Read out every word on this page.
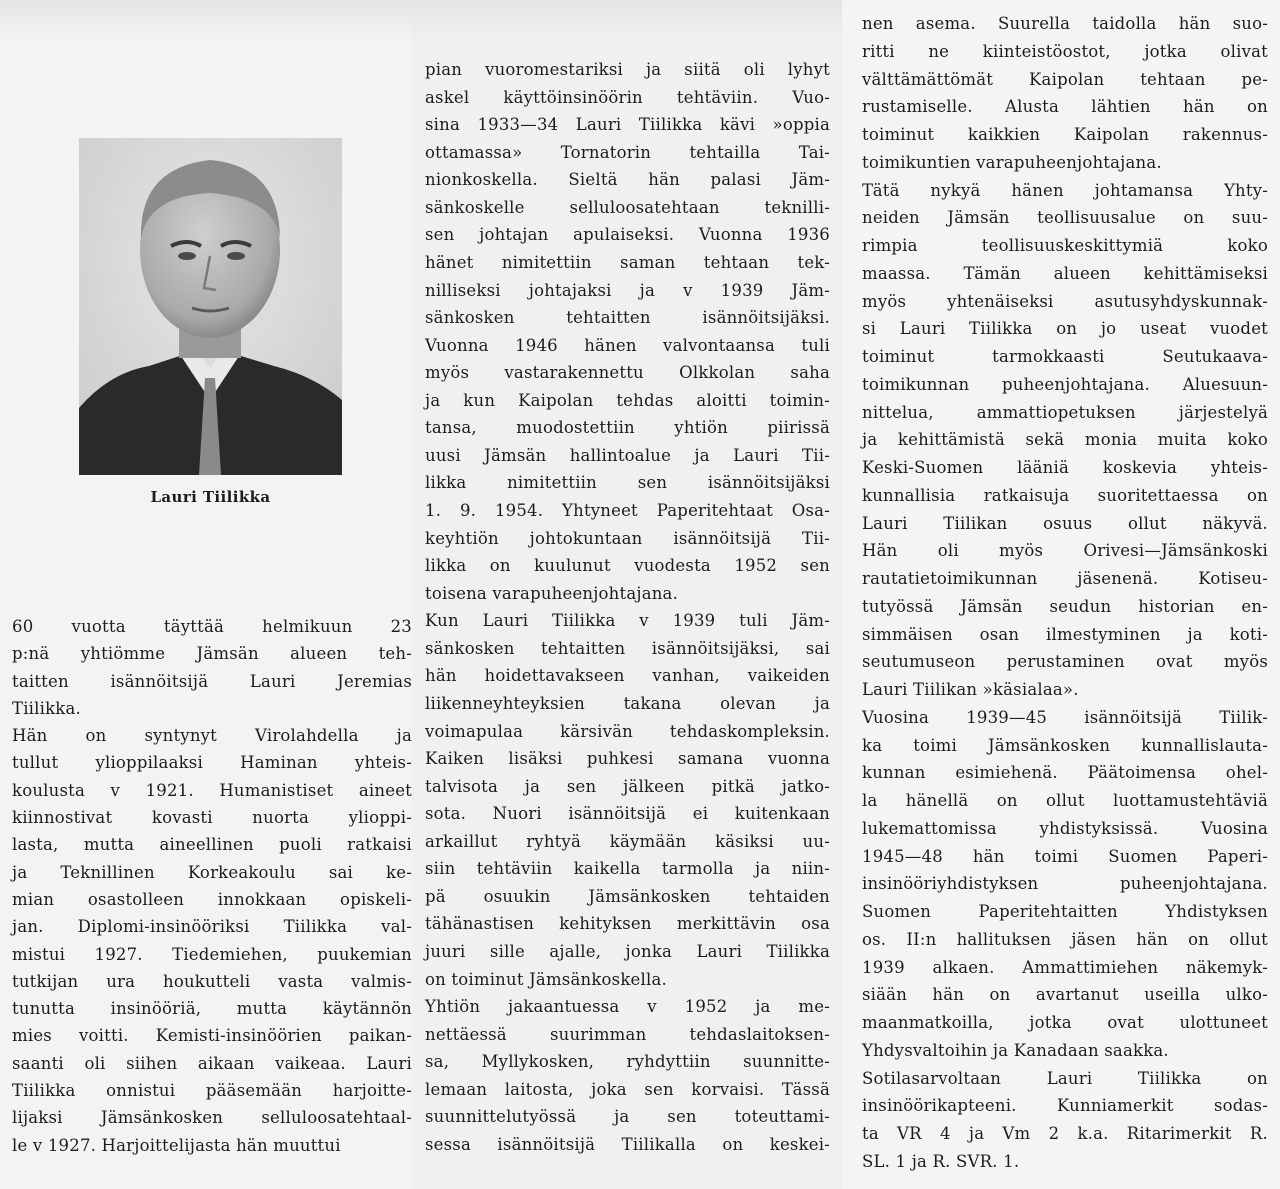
Lauri Tiilikka

60 vuotta täyttää helmikuun 23

p:nä yhtiömme Jämsän alueen teh-

taitten isännöitsijä Lauri Jeremias

Tiilikka.

Hän on syntynyt Virolahdella ja

tullut ylioppilaaksi Haminan yhteis-

koulusta v 1921. Humanistiset aineet

kiinnostivat kovasti nuorta ylioppi-

lasta, mutta aineellinen puoli ratkaisi

ja Teknillinen Korkeakoulu sai ke-

mian osastolleen innokkaan opiskeli-

jan. Diplomi-insinööriksi Tiilikka val-

mistui 1927. Tiedemiehen, puukemian

tutkijan ura houkutteli vasta valmis-

tunutta insinööriä, mutta käytännön

mies voitti. Kemisti-insinöörien paikan-

saanti oli siihen aikaan vaikeaa. Lauri

Tiilikka onnistui pääsemään harjoitte-

lijaksi Jämsänkosken selluloosatehtaal-

le v 1927. Harjoittelijasta hän muuttui

pian vuoromestariksi ja siitä oli lyhyt

askel käyttöinsinöörin tehtäviin. Vuo-

sina 1933—34 Lauri Tiilikka kävi »oppia

ottamassa» Tornatorin tehtailla Tai-

nionkoskella. Sieltä hän palasi Jäm-

sänkoskelle selluloosatehtaan teknilli-

sen johtajan apulaiseksi. Vuonna 1936

hänet nimitettiin saman tehtaan tek-

nilliseksi johtajaksi ja v 1939 Jäm-

sänkosken tehtaitten isännöitsijäksi.

Vuonna 1946 hänen valvontaansa tuli

myös vastarakennettu Olkkolan saha

ja kun Kaipolan tehdas aloitti toimin-

tansa, muodostettiin yhtiön piirissä

uusi Jämsän hallintoalue ja Lauri Tii-

likka nimitettiin sen isännöitsijäksi

1. 9. 1954. Yhtyneet Paperitehtaat Osa-

keyhtiön johtokuntaan isännöitsijä Tii-

likka on kuulunut vuodesta 1952 sen

toisena varapuheenjohtajana.

Kun Lauri Tiilikka v 1939 tuli Jäm-

sänkosken tehtaitten isännöitsijäksi, sai

hän hoidettavakseen vanhan, vaikeiden

liikenneyhteyksien takana olevan ja

voimapulaa kärsivän tehdaskompleksin.

Kaiken lisäksi puhkesi samana vuonna

talvisota ja sen jälkeen pitkä jatko-

sota. Nuori isännöitsijä ei kuitenkaan

arkaillut ryhtyä käymään käsiksi uu-

siin tehtäviin kaikella tarmolla ja niin-

pä osuukin Jämsänkosken tehtaiden

tähänastisen kehityksen merkittävin osa

juuri sille ajalle, jonka Lauri Tiilikka

on toiminut Jämsänkoskella.

Yhtiön jakaantuessa v 1952 ja me-

nettäessä suurimman tehdaslaitoksen-

sa, Myllykosken, ryhdyttiin suunnitte-

lemaan laitosta, joka sen korvaisi. Tässä

suunnittelutyössä ja sen toteuttami-

sessa isännöitsijä Tiilikalla on keskei-

nen asema. Suurella taidolla hän suo-

ritti ne kiinteistöostot, jotka olivat

välttämättömät Kaipolan tehtaan pe-

rustamiselle. Alusta lähtien hän on

toiminut kaikkien Kaipolan rakennus-

toimikuntien varapuheenjohtajana.

Tätä nykyä hänen johtamansa Yhty-

neiden Jämsän teollisuusalue on suu-

rimpia teollisuuskeskittymiä koko

maassa. Tämän alueen kehittämiseksi

myös yhtenäiseksi asutusyhdyskunnak-

si Lauri Tiilikka on jo useat vuodet

toiminut tarmokkaasti Seutukaava-

toimikunnan puheenjohtajana. Aluesuun-

nittelua, ammattiopetuksen järjestelyä

ja kehittämistä sekä monia muita koko

Keski-Suomen lääniä koskevia yhteis-

kunnallisia ratkaisuja suoritettaessa on

Lauri Tiilikan osuus ollut näkyvä.

Hän oli myös Orivesi—Jämsänkoski

rautatietoimikunnan jäsenenä. Kotiseu-

tutyössä Jämsän seudun historian en-

simmäisen osan ilmestyminen ja koti-

seutumuseon perustaminen ovat myös

Lauri Tiilikan »käsialaa».

Vuosina 1939—45 isännöitsijä Tiilik-

ka toimi Jämsänkosken kunnallislauta-

kunnan esimiehenä. Päätoimensa ohel-

la hänellä on ollut luottamustehtäviä

lukemattomissa yhdistyksissä. Vuosina

1945—48 hän toimi Suomen Paperi-

insinööriyhdistyksen puheenjohtajana.

Suomen Paperitehtaitten Yhdistyksen

os. II:n hallituksen jäsen hän on ollut

1939 alkaen. Ammattimiehen näkemyk-

siään hän on avartanut useilla ulko-

maanmatkoilla, jotka ovat ulottuneet

Yhdysvaltoihin ja Kanadaan saakka.

Sotilasarvoltaan Lauri Tiilikka on

insinöörikapteeni. Kunniamerkit sodas-

ta VR 4 ja Vm 2 k.a. Ritarimerkit R.

SL. 1 ja R. SVR. 1.
